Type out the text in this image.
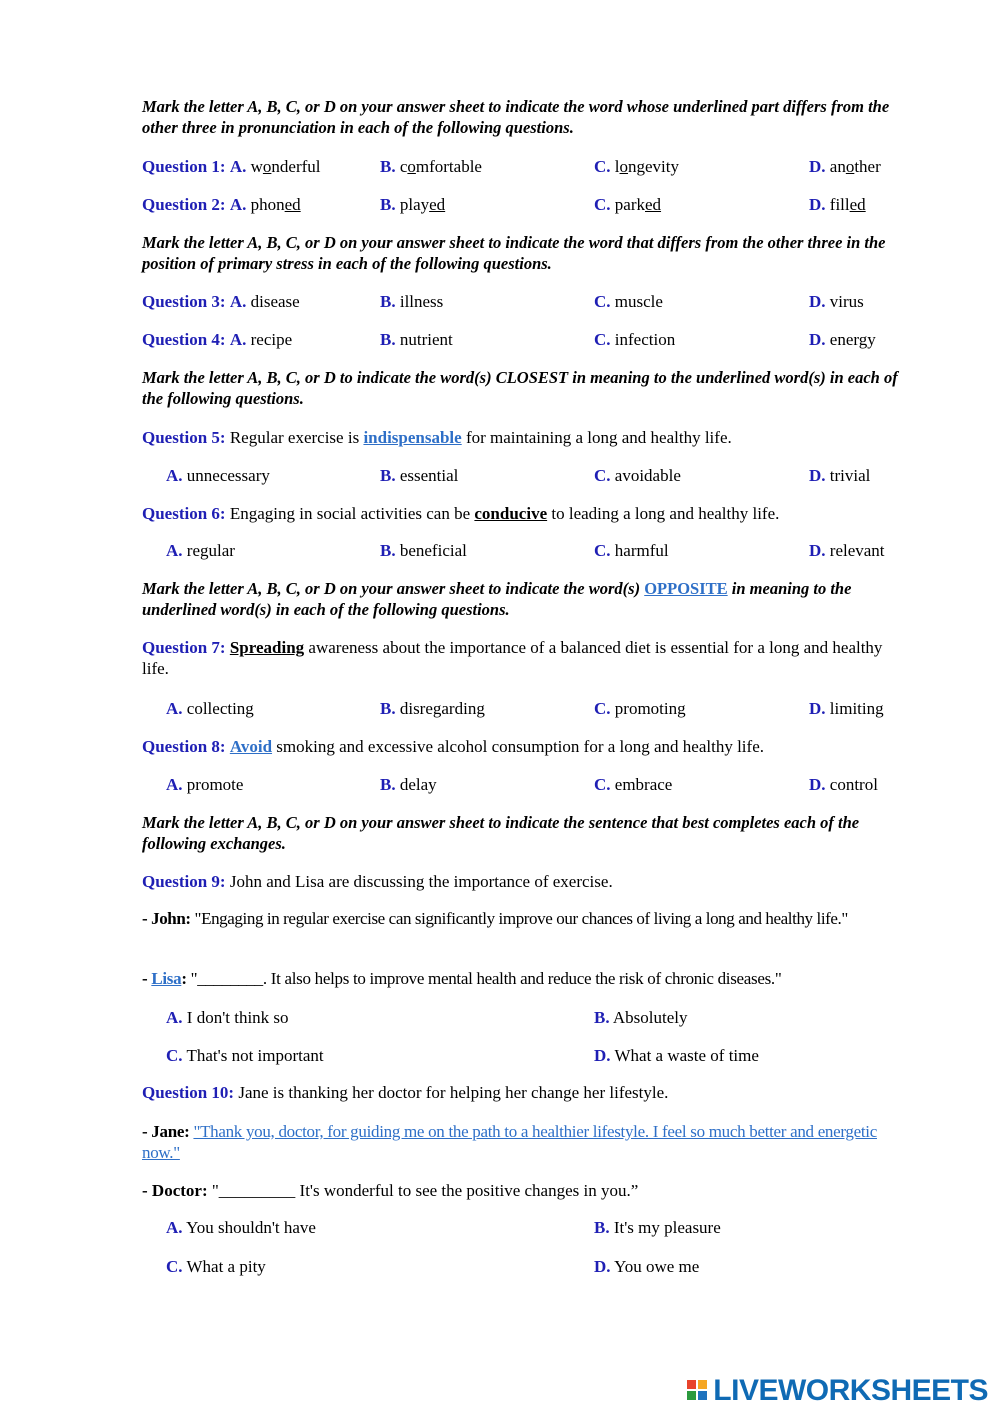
Mark the letter A, B, C, or D on your answer sheet to indicate the word whose underlined part differs from the other three in pronunciation in each of the following questions.
Question 1: A. wonderful	B. comfortable	C. longevity	D. another
Question 2: A. phoned	B. played	C. parked	D. filled
Mark the letter A, B, C, or D on your answer sheet to indicate the word that differs from the other three in the position of primary stress in each of the following questions.
Question 3: A. disease	B. illness	C. muscle	D. virus
Question 4: A. recipe	B. nutrient	C. infection	D. energy
Mark the letter A, B, C, or D to indicate the word(s) CLOSEST in meaning to the underlined word(s) in each of the following questions.
Question 5: Regular exercise is indispensable for maintaining a long and healthy life.
A. unnecessary	B. essential	C. avoidable	D. trivial
Question 6: Engaging in social activities can be conducive to leading a long and healthy life.
A. regular	B. beneficial	C. harmful	D. relevant
Mark the letter A, B, C, or D on your answer sheet to indicate the word(s) OPPOSITE in meaning to the underlined word(s) in each of the following questions.
Question 7: Spreading awareness about the importance of a balanced diet is essential for a long and healthy life.
A. collecting	B. disregarding	C. promoting	D. limiting
Question 8: Avoid smoking and excessive alcohol consumption for a long and healthy life.
A. promote	B. delay	C. embrace	D. control
Mark the letter A, B, C, or D on your answer sheet to indicate the sentence that best completes each of the following exchanges.
Question 9: John and Lisa are discussing the importance of exercise.
- John: "Engaging in regular exercise can significantly improve our chances of living a long and healthy life."
- Lisa: "________. It also helps to improve mental health and reduce the risk of chronic diseases."
A. I don't think so	B. Absolutely
C. That's not important	D. What a waste of time
Question 10: Jane is thanking her doctor for helping her change her lifestyle.
- Jane: "Thank you, doctor, for guiding me on the path to a healthier lifestyle. I feel so much better and energetic now."
- Doctor: "_________ It's wonderful to see the positive changes in you.”
A. You shouldn't have	B. It's my pleasure
C. What a pity	D. You owe me
LIVEWORKSHEETS
